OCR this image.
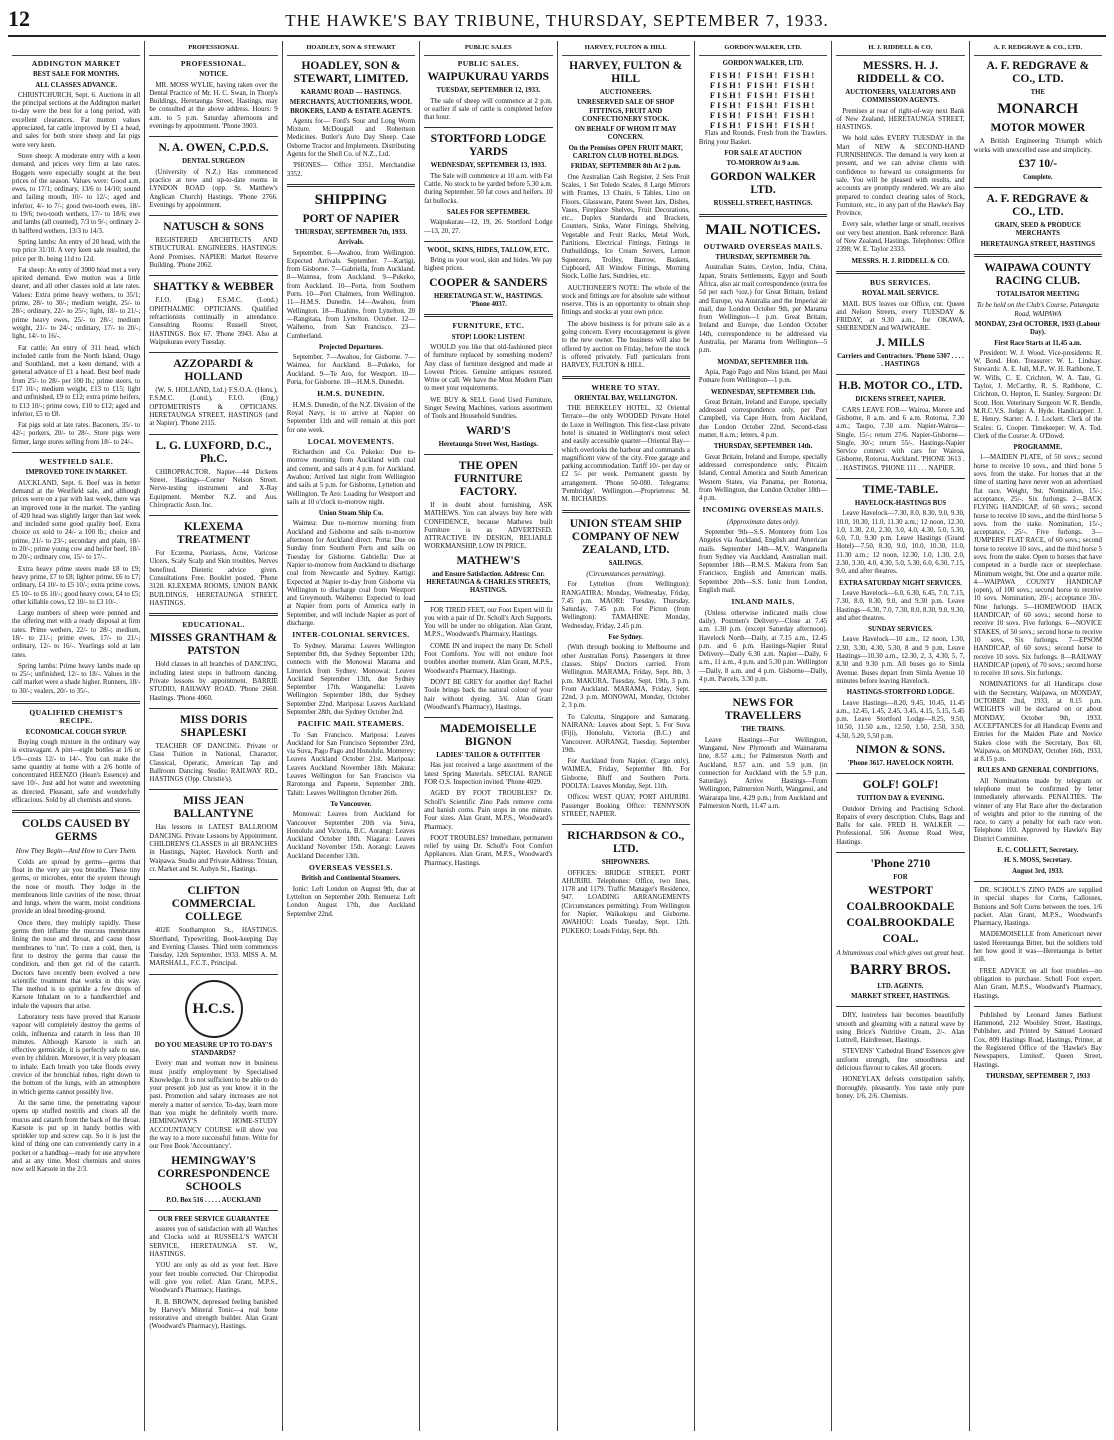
12	THE HAWKE'S BAY TRIBUNE, THURSDAY, SEPTEMBER 7, 1933.
ADDINGTON MARKET
BEST SALE FOR MONTHS.
ALL CLASSES ADVANCE.

CHRISTCHURCH, Sept. 6. Auctions in all the principal sections at the Addington market to-day were the best for a long period, with excellent clearances. Fat mutton values appreciated, fat cattle improved by £1 a head, and sales for both store sheep and fat pigs were very keen.

Store sheep: A moderate entry with a keen demand, and prices very firm at late rates. Hoggets were especially sought at the best prices of the season. Values were: Good a.m. ewes, to 17/1; ordinary, 13/6 to 14/10; sound and failing mouth, 10/- to 12/-; aged and inferior, 4/- to 7/-; good two-tooth ewes, 18/- to 19/6; two-tooth wethers, 17/- to 18/6; ewe and lambs (all counted), 7/3 to 9/-; ordinary 2-th halfbred wethers, 13/3 to 14/3.

Spring lambs: An entry of 20 head, with the top price 31/10. A very keen sale resulted, the price per lb. being 11d to 12d.

Fat sheep: An entry of 3900 head met a very spirited demand. Ewe mutton was a little dearer, and all other classes sold at late rates. Values: Extra prime heavy wethers, to 35/1; prime, 28/- to 30/-; medium weight, 25/- to 28/-; ordinary, 22/- to 25/-; light, 18/- to 21/-; prime heavy ewes, 25/- to 28/-; medium weight, 21/- to 24/-; ordinary, 17/- to 20/-; light, 14/- to 16/-.

Fat cattle: An entry of 311 head, which included cattle from the North Island, Otago and Southland, met a keen demand, with a general advance of £1 a head. Best beef made from 25/- to 28/- per 100 lb.; prime steers, to £17 10/-; medium weight, £13 to £15; light and unfinished, £9 to £12; extra prime heifers, to £13 10/-; prime cows, £10 to £12; aged and inferior, £5 to £8.

Fat pigs sold at late rates. Baconers, 35/- to 42/-; porkers, 20/- to 28/-. Store pigs were firmer, large stores selling from 18/- to 24/-.

WESTFIELD SALE.
IMPROVED TONE IN MARKET.

AUCKLAND, Sept. 6. Beef was in better demand at the Westfield sale, and although prices were on a par with last week, there was an improved tone in the market. The yarding of 420 head was slightly larger than last week and included some good quality beef. Extra choice ox sold to 24/- a 100 lb.; choice and prime, 21/- to 23/-; secondary and plain, 18/- to 20/-; prime young cow and heifer beef, 18/- to 20/-; ordinary cow, 15/- to 17/-.

Extra heavy prime steers made £8 to £9; heavy prime, £7 to £8; lighter prime, £6 to £7; ordinary, £4 10/- to £5 10/-; extra prime cows, £5 10/- to £6 10/-; good heavy cows, £4 to £5; other killable cows, £2 10/- to £3 10/-.

Large numbers of sheep were penned and the offering met with a ready disposal at firm rates. Prime wethers, 22/- to 28/-; medium, 18/- to 21/-; prime ewes, 17/- to 21/-; ordinary, 12/- to 16/-. Yearlings sold at late rates.

Spring lambs: Prime heavy lambs made up to 25/-; unfinished, 12/- to 18/-. Values in the calf market were a shade higher. Runners, 18/- to 30/-; vealers, 20/- to 35/-.

QUALIFIED CHEMIST'S RECIPE.
ECONOMICAL COUGH SYRUP.

Buying cough mixture in the ordinary way is extravagant. A pint—eight bottles at 1/6 or 1/9—costs 12/- to 14/-. You can make the same quantity at home with a 2/6 bottle of concentrated HEENZO (Hean's Essence) and save 10/-. Just add hot water and sweetening as directed. Pleasant, safe and wonderfully efficacious. Sold by all chemists and stores.

COLDS CAUSED BY GERMS
How They Begin—And How to Cure Them.

Colds are spread by germs—germs that float in the very air you breathe. These tiny germs, or microbes, enter the system through the nose or mouth. They lodge in the membranous little cavities of the nose, throat and lungs, where the warm, moist conditions provide an ideal breeding-ground.

Once there, they multiply rapidly. These germs then inflame the mucous membranes lining the nose and throat, and cause those membranes to 'run'. To cure a cold, then, is first to destroy the germs that cause the condition, and then get rid of the catarrh. Doctors have recently been evolved a new scientific treatment that works in this way. The method is to sprinkle a few drops of Karsote Inhalant on to a handkerchief and inhale the vapours that arise.

Laboratory tests have proved that Karsote vapour will completely destroy the germs of colds, influenza and catarrh in less than 10 minutes. Although Karsote is such an effective germicide, it is perfectly safe to use, even by children. Moreover, it is very pleasant to inhale. Each breath you take floods every crevice of the bronchial tubes, right down to the bottom of the lungs, with an atmosphere in which germs cannot possibly live.

At the same time, the penetrating vapour opens up stuffed nostrils and clears all the mucus and catarrh from the back of the throat. Karsote is put up in handy bottles with sprinkler top and screw cap. So it is just the kind of thing one can conveniently carry in a pocket or a handbag—ready for use anywhere and at any time. Most chemists and stores now sell Karsote in the 2/3.

PROFESSIONAL
PROFESSIONAL.
NOTICE.

MR. MOSS WYLIE, having taken over the Dental Practice of Mr. H. C. Swan, in Thorp's Buildings, Heretaunga Street, Hastings, may be consulted at the above address. Hours: 9 a.m. to 5 p.m. Saturday afternoons and evenings by appointment. 'Phone 3903.

N. A. OWEN, C.P.D.S.
DENTAL SURGEON

(University of N.Z.) Has commenced practice at new and up-to-date rooms in LYNDON ROAD (opp. St. Matthew's Anglican Church) Hastings. 'Phone 2766. Evenings by appointment.

NATUSCH & SONS

REGISTERED ARCHITECTS AND STRUCTURAL ENGINEERS. HASTINGS: Aoné Premises. NAPIER: Market Reserve Building. 'Phone 2062.

SHATTKY & WEBBER

F.I.O. (Eng.) F.S.M.C. (Lond.) OPHTHALMIC OPTICIANS. Qualified refractionists continually in attendance. Consulting Rooms: Russell Street, HASTINGS. Box 67. 'Phone 3943. Also at Waipukurau every Tuesday.

AZZOPARDI & HOLLAND

(W. S. HOLLAND, Ltd.) F.S.O.A. (Hons.), F.S.M.C. (Lond.), F.I.O. (Eng.) OPTOMETRISTS & OPTICIANS. HERETAUNGA STREET, HASTINGS (and at Napier). 'Phone 2115.

L. G. LUXFORD, D.C., Ph.C.

CHIROPRACTOR. Napier—44 Dickens Street. Hastings—Corner Nelson Street. Nerve-testing instrument and X-Ray Equipment. Member N.Z. and Aus. Chiropractic Assn. Inc.

KLEXEMA TREATMENT

For Eczema, Psoriasis, Acne, Varicose Ulcers, Scaly Scalp and Skin troubles. Nerves benefited. Dietetic advice given. Consultations Free. Booklet posted. 'Phone 3128. KLEXEMA ROOMS, UNION BANK BUILDINGS, HERETAUNGA STREET, HASTINGS.

EDUCATIONAL.
MISSES GRANTHAM & PATSTON

Hold classes in all branches of DANCING, including latest steps in ballroom dancing. Private lessons by appointment. BARRIE STUDIO, RAILWAY ROAD. 'Phone 2668. Hastings. 'Phone 4060.

MISS DORIS SHAPLESKI

TEACHER OF DANCING. Private or Class Tuition in National, Character, Classical, Operatic, American Tap and Ballroom Dancing. Studio: RAILWAY RD., HASTINGS (Opp. Christie's).

MISS JEAN BALLANTYNE

Has lessons in LATEST BALLROOM DANCING. Private Lessons by Appointment. CHILDREN'S CLASSES in all BRANCHES in Hastings, Napier, Havelock North and Waipawa. Studio and Private Address: Tristan, cr. Market and St. Aubyn St., Hastings.

CLIFTON COMMERCIAL COLLEGE

402E Southampton St., HASTINGS. Shorthand, Typewriting, Book-keeping Day and Evening Classes. Third term commences Tuesday, 12th September, 1933. MISS A. M. MARSHALL, F.C.T., Principal.

H.C.S.
DO YOU MEASURE UP TO TO-DAY'S STANDARDS?

Every man and woman now in business must justify employment by Specialised Knowledge. It is not sufficient to be able to do your present job just as you know it in the past. Promotion and salary increases are not merely a matter of service. To-day, learn more than you might be definitely worth more. HEMINGWAY'S HOME-STUDY ACCOUNTANCY COURSE will show you the way to a more successful future. Write for our Free Book 'Accountancy'.

HEMINGWAY'S CORRESPONDENCE SCHOOLS
P.O. Box 516 . . . . . AUCKLAND
OUR FREE SERVICE GUARANTEE

assures you of satisfaction with all Watches and Clocks sold at RUSSELL'S WATCH SERVICE, HERETAUNGA ST. W., HASTINGS.

YOU are only as old as your feet. Have your feet trouble corrected. Our Chiropodist will give you relief. Alan Grant, M.P.S., Woodward's Pharmacy, Hastings.

R. B. BROWN, depressed feeling banished by Harvey's Mineral Tonic—a real bone restorative and strength builder. Alan Grant (Woodward's Pharmacy), Hastings.

HOADLEY, SON & STEWART
HOADLEY, SON & STEWART, LIMITED.
KARAMU ROAD — HASTINGS.
MERCHANTS, AUCTIONEERS, WOOL BROKERS, LAND & ESTATE AGENTS.

Agents for— Ford's Sour and Long Worm Mixture. McDougall and Robertson Medicines. Butler's Auto Day Sheep. Case Osborne Tractor and Implements. Distributing Agents for the Shell Co. of N.Z., Ltd.

'PHONES— Office 3351. Merchandise 3352.

SHIPPING
PORT OF NAPIER
THURSDAY, SEPTEMBER 7th, 1933.
Arrivals.

September. 6—Awahou, from Wellington. Expected Arrivals. September. 7—Kartigi, from Gisborne. 7—Gabriella, from Auckland. 8—Waimea, from Auckland. 9—Pukeko, from Auckland. 10—Porta, from Southern Ports. 10—Port Chalmers, from Wellington. 11—H.M.S. Dunedin. 14—Awahou, from Wellington. 18—Ruahine, from Lyttelton. 20—Rangitata, from Lyttelton. October. 12—Waihemo, from San Francisco. 23—Cumberland.

Projected Departures.

September. 7—Awahou, for Gisborne. 7—Waimea, for Auckland. 8—Pukeko, for Auckland. 9—Te Aro, for Westport. 10—Porta, for Gisborne. 18—H.M.S. Dunedin.

H.M.S. DUNEDIN.

H.M.S. Dunedin, of the N.Z. Division of the Royal Navy, is to arrive at Napier on September 11th and will remain at this port for one week.

LOCAL MOVEMENTS.

Richardson and Co. Pukeko: Due to-morrow morning from Auckland with coal and cement, and sails at 4 p.m. for Auckland. Awahou: Arrived last night from Wellington and sails at 5 p.m. for Gisborne, Lyttelton and Wellington. Te Aro: Loading for Westport and sails at 10 o'clock to-morrow night.

Union Steam Ship Co.

Waimea: Due to-morrow morning from Auckland and Gisborne and sails to-morrow afternoon for Auckland direct. Porta: Due on Sunday from Southern Ports and sails on Tuesday for Gisborne. Gabriella: Due at Napier to-morrow from Auckland to discharge coal from Newcastle and Sydney. Kartigi: Expected at Napier to-day from Gisborne via Wellington to discharge coal from Westport and Greymouth. Waihemo: Expected to load at Napier from ports of America early in September, and will include Napier as port of discharge.

INTER-COLONIAL SERVICES.

To Sydney. Marama: Leaves Wellington September 8th, due Sydney September 12th; connects with the Monowai Marama and Limerick from Sydney. Monowai: Leaves Auckland September 13th, due Sydney September 17th. Wanganella: Leaves Wellington September 18th, due Sydney September 22nd. Mariposa: Leaves Auckland September 28th, due Sydney October 2nd.

PACIFIC MAIL STEAMERS.

To San Francisco. Mariposa: Leaves Auckland for San Francisco September 23rd, via Suva, Pago Pago and Honolulu. Monterey: Leaves Auckland October 21st. Mariposa: Leaves Auckland November 18th. Makura: Leaves Wellington for San Francisco via Rarotonga and Papeete, September 28th. Tahiti: Leaves Wellington October 26th.

To Vancouver.

Monowai: Leaves from Auckland for Vancouver September 20th via Suva, Honolulu and Victoria, B.C. Aorangi: Leaves Auckland October 18th. Niagara: Leaves Auckland November 15th. Aorangi: Leaves Auckland December 13th.

OVERSEAS VESSELS.
British and Continental Steamers.

Ionic: Left London on August 9th, due at Lyttelton on September 20th. Remuera: Left London August 17th, due Auckland September 22nd.

PUBLIC SALES
PUBLIC SALES.
WAIPUKURAU YARDS
TUESDAY, SEPTEMBER 12, 1933.

The sale of sheep will commence at 2 p.m. or earlier if sale of cattle is completed before that hour.

STORTFORD LODGE YARDS
WEDNESDAY, SEPTEMBER 13, 1933.

The Sale will commence at 10 a.m. with Fat Cattle. No stock to be yarded before 5.30 a.m. during September. 50 fat cows and heifers. 10 fat bullocks.

SALES FOR SEPTEMBER.

Waipukurau—12, 19, 26. Stortford Lodge—13, 20, 27.

WOOL, SKINS, HIDES, TALLOW, ETC.

Bring us your wool, skin and hides. We pay highest prices.

COOPER & SANDERS
HERETAUNGA ST. W., HASTINGS. 'Phone 4037.
FURNITURE, ETC.
STOP! LOOK! LISTEN!

WOULD you like that old-fashioned piece of furniture replaced by something modern? Any class of furniture designed and made at Lowest Prices. Genuine antiques restored. Write or call. We have the Most Modern Plant to meet your requirements.

WE BUY & SELL Good Used Furniture, Singer Sewing Machines, various assortment of Tools and Household Sundries.

WARD'S
Heretaunga Street West, Hastings.
THE OPEN FURNITURE FACTORY.

If in doubt about furnishing, ASK MATHEWS. You can always buy here with CONFIDENCE, because Mathews built Furniture is as ADVERTISED. ATTRACTIVE IN DESIGN, RELIABLE WORKMANSHIP, LOW IN PRICE.

MATHEW'S
and Ensure Satisfaction. Address: Cnr. HERETAUNGA & CHARLES STREETS, HASTINGS.

FOR TIRED FEET, our Foot Expert will fit you with a pair of Dr. Scholl's Arch Supports. You will be under no obligation. Alan Grant, M.P.S., Woodward's Pharmacy, Hastings.

COME IN and inspect the many Dr. Scholl Foot Comforts. You will not endure foot troubles another moment. Alan Grant, M.P.S., Woodward's Pharmacy, Hastings.

DON'T BE GREY for another day! Rachel Toole brings back the natural colour of your hair without dyeing. 3/6. Alan Grant (Woodward's Pharmacy), Hastings.

MADEMOISELLE BIGNON
LADIES' TAILOR & OUTFITTER

Has just received a large assortment of the latest Spring Materials. SPECIAL RANGE FOR O.S. Inspection invited. 'Phone 4029.

AGED BY FOOT TROUBLES? Dr. Scholl's Scientific Zino Pads remove corns and banish corns. Pain stops in one minute. Four sizes. Alan Grant, M.P.S., Woodward's Pharmacy.

FOOT TROUBLES? Immediate, permanent relief by using Dr. Scholl's Foot Comfort Appliances. Alan Grant, M.P.S., Woodward's Pharmacy, Hastings.

HARVEY, FULTON & HILL
HARVEY, FULTON & HILL
AUCTIONEERS.
UNRESERVED SALE OF SHOP FITTINGS, FRUIT AND CONFECTIONERY STOCK.
ON BEHALF OF WHOM IT MAY CONCERN.
On the Premises OPEN FRUIT MART, CARLTON CLUB HOTEL BLDGS.
FRIDAY, SEPTEMBER 8th At 2 p.m.

One Australian Cash Register, 2 Sets Fruit Scales, 1 Set Toledo Scales, 8 Large Mirrors with Frames, 13 Chairs, 6 Tables, Lino on Floors, Glassware, Patent Sweet Jars, Dishes, Vases, Fireplace Shelves, Fruit Decorations, etc., Duplex Standards and Brackets, Counters, Sinks, Water Fittings, Shelving, Vegetable and Fruit Racks, Metal Work, Partitions, Electrical Fittings, Fittings in Outbuildings, Ice Cream Servers, Lemon Squeezers, Trolley, Barrow, Baskets, Cupboard, All Window Fittings, Morning Stock, Lollie Jars, Sundries, etc.

AUCTIONEER'S NOTE: The whole of the stock and fittings are for absolute sale without reserve. This is an opportunity to obtain shop fittings and stocks at your own price.

The above business is for private sale as a going concern. Every encouragement is given to the new owner. The business will also be offered by auction on Friday, before the stock is offered privately. Full particulars from HARVEY, FULTON & HILL.

WHERE TO STAY.
ORIENTAL BAY, WELLINGTON.

THE BERKELEY HOTEL, 32 Oriental Terrace—the only WOODED Private Hotel de Luxe in Wellington. This first-class private hotel is situated in Wellington's most select and easily accessible quarter—Oriental Bay—which overlooks the harbour and commands a magnificent view of the city. Free garage and parking accommodation. Tariff 10/- per day or £2 5/- per week. Permanent guests by arrangement. 'Phone 50-080. Telegrams: 'Pembridge'. Wellington.—Proprietress: M. M. RICHARDS.

UNION STEAM SHIP COMPANY OF NEW ZEALAND, LTD.
SAILINGS.
(Circumstances permitting).

For Lyttelton (from Wellington): RANGATIRA: Monday, Wednesday, Friday, 7.45 p.m. MAORI: Tuesday, Thursday, Saturday, 7.45 p.m. For Picton (from Wellington): TAMAHINE: Monday, Wednesday, Friday, 2.45 p.m.

For Sydney.

(With through booking to Melbourne and other Australian Ports). Passengers in three classes. Ships' Doctors carried. From Wellington. MARAMA, Friday, Sept. 8th, 3 p.m. MAKURA, Tuesday, Sept. 19th, 3 p.m. From Auckland. MARAMA, Friday, Sept. 22nd, 3 p.m. MONOWAI, Monday, October 2, 3 p.m.

To Calcutta, Singapore and Samarang. NAIRANA: Leaves about Sept. 5. For Suva (Fiji), Honolulu, Victoria (B.C.) and Vancouver. AORANGI, Tuesday, September 19th.

For Auckland from Napier. (Cargo only). WAIMEA, Friday, September 8th. For Gisborne, Bluff and Southern Ports. POOLTA: Leaves Monday, Sept. 11th.

Offices: WEST QUAY, PORT AHURIRI. Passenger Booking Office: TENNYSON STREET, NAPIER.

RICHARDSON & CO., LTD.
SHIPOWNERS.

OFFICES: BRIDGE STREET, PORT AHURIRI. Telephones: Office, two lines, 1178 and 1179. Traffic Manager's Residence, 947. LOADING ARRANGEMENTS (Circumstances permitting). From Wellington for Napier, Waikokopu and Gisborne. AWAHOU: Loads Tuesday, Sept. 12th. PUKEKO: Loads Friday, Sept. 8th.

GORDON WALKER, LTD.
GORDON WALKER, LTD.
FISH! FISH! FISH!
FISH! FISH! FISH!
FISH! FISH! FISH!
FISH! FISH! FISH!
FISH! FISH! FISH!
FISH! FISH! FISH!

Flats and Rounds. Fresh from the Trawlers. Bring your Basket.

FOR SALE AT AUCTION
TO-MORROW At 9 a.m.
GORDON WALKER LTD.
RUSSELL STREET, HASTINGS.
MAIL NOTICES.
OUTWARD OVERSEAS MAILS.
THURSDAY, SEPTEMBER 7th.

Australian States, Ceylon, India, China, Japan, Straits Settlements, Egypt and South Africa, also air mail correspondence (extra fee 5d per each ½oz.) for Great Britain, Ireland and Europe, via Australia and the Imperial air mail, due London October 9th, per Marama from Wellington—1 p.m. Great Britain, Ireland and Europe, due London October 14th, correspondence to be addressed via Australia, per Marama from Wellington—5 p.m.

MONDAY, SEPTEMBER 11th.

Apia, Pago Pago and Nios Island, per Maui Pomare from Wellington—1 p.m.

WEDNESDAY, SEPTEMBER 13th.

Great Britain, Ireland and Europe, specially addressed correspondence only, per Port Campbell, via Cape Horn, from Auckland, due London October 22nd. Second-class matter, 8 a.m.; letters, 4 p.m.

THURSDAY, SEPTEMBER 14th.

Great Britain, Ireland and Europe, specially addressed correspondence only, Pitcairn Island, Central America and South American Western States, via Panama, per Rotorua, from Wellington, due London October 18th—4 p.m.

INCOMING OVERSEAS MAILS.
(Approximate dates only).

September 9th—S.S. Monterey from Los Angeles via Auckland, English and American mails. September 14th—M.V. Wanganella from Sydney via Auckland, Australian mail. September 18th—R.M.S. Makura from San Francisco, English and American mails. September 20th—S.S. Ionic from London, English mail.

INLAND MAILS.

(Unless otherwise indicated mails close daily). Postmen's Delivery—Close at 7.45 a.m. 1.30 p.m. (except Saturday afternoon). Havelock North—Daily, at 7.15 a.m., 12.45 p.m. and 6 p.m. Hastings-Napier Rural Delivery—Daily 6.30 a.m. Napier—Daily, 6 a.m., 11 a.m., 4 p.m. and 5.30 p.m. Wellington—Daily, 8 a.m. and 4 p.m. Gisborne—Daily, 4 p.m. Parcels, 3.30 p.m.

NEWS FOR TRAVELLERS
THE TRAINS.

Leave Hastings—For Wellington, Wanganui, New Plymouth and Waimarama line, 8.57 a.m.; for Palmerston North and Auckland, 8.57 a.m. and 5.9 p.m. (in connection for Auckland with the 5.9 p.m. Saturday). Arrive Hastings—From Wellington, Palmerston North, Wanganui, and Wairarapa line, 4.29 p.m.; from Auckland and Palmerston North, 11.47 a.m.

H. J. RIDDELL & CO.
MESSRS. H. J. RIDDELL & CO.
AUCTIONEERS, VALUATORS AND COMMISSION AGENTS.

Premises at rear of right-of-way next Bank of New Zealand, HERETAUNGA STREET, HASTINGS.

We hold sales EVERY TUESDAY in the Mart of NEW & SECOND-HAND FURNISHINGS. The demand is very keen at present, and we can advise clients with confidence to forward us consignments for sale. You will be pleased with results, and accounts are promptly rendered. We are also prepared to conduct clearing sales of Stock, Furniture, etc., in any part of the Hawke's Bay Province.

Every sale, whether large or small, receives our very best attention. Bank reference: Bank of New Zealand, Hastings. Telephones: Office 2398; W. E. Taylor 2333.

MESSRS. H. J. RIDDELL & CO.
BUS SERVICES.
ROYAL MAIL SERVICE.

MAIL BUS leaves our Office, cnr. Queen and Nelson Streets, every TUESDAY & FRIDAY, at 9.30 a.m., for OKAWA, SHERENDEN and WAIWHARE.

J. MILLS
Carriers and Contractors. 'Phone 5307 . . . . . HASTINGS
H.B. MOTOR CO., LTD.
DICKENS STREET, NAPIER.

CARS LEAVE FOR— Wairoa, Morere and Gisborne, 8 a.m. and 6 a.m. Rotorua, 7.30 a.m.; Taupo, 7.30 a.m. Napier-Wairoa—Single, 15/-; return 27/6. Napier-Gisborne—Single, 30/-; return 55/-. Hastings-Napier Service connect with cars for Wairoa, Gisborne, Rotorua, Auckland. 'PHONE 3613 . . . HASTINGS. 'PHONE 111 . . . NAPIER.

TIME-TABLE.
HAVELOCK-HASTINGS BUS

Leave Havelock—7.30, 8.0, 8.30, 9.0, 9.30, 10.0, 10.30, 11.0, 11.30 a.m.; 12 noon, 12.30, 1.0, 1.30, 2.0, 2.30, 3.0, 4.0, 4.30, 5.0, 5.30, 6.0, 7.0, 9.30 p.m. Leave Hastings (Grand Hotel)—7.50, 8.30, 9.0, 10.0, 10.30, 11.0, 11.30 a.m.; 12 noon, 12.30, 1.0, 1.30, 2.0, 2.30, 3.30, 4.0, 4.30, 5.0, 5.30, 6.0, 6.30, 7.15, 9.0, and after theatres.

EXTRA SATURDAY NIGHT SERVICES.

Leave Havelock—6.0, 6.30, 6.45, 7.0, 7.15, 7.30, 8.0, 8.30, 9.0, and 9.30 p.m. Leave Hastings—6.30, 7.0, 7.30, 8.0, 8.30, 9.0, 9.30, and after theatres.

SUNDAY SERVICES.

Leave Havelock—10 a.m., 12 noon, 1.30, 2.30, 3.30, 4.30, 5.30, 8 and 9 p.m. Leave Hastings—10.30 a.m., 12.30, 2, 3, 4.30, 5, 7, 8.30 and 9.30 p.m. All buses go to Simla Avenue. Buses depart from Simla Avenue 10 minutes before leaving Havelock.

HASTINGS-STORTFORD LODGE.

Leave Hastings—8.20, 9.45, 10.45, 11.45 a.m., 12.45, 1.45, 2.45, 3.45, 4.15, 5.15, 5.45 p.m. Leave Stortford Lodge—8.25, 9.50, 10.50, 11.50 a.m., 12.50, 1.50, 2.50, 3.50, 4.50, 5.20, 5.50 p.m.

NIMON & SONS.
'Phone 3617. HAVELOCK NORTH.
GOLF! GOLF!
TUITION DAY & EVENING.

Outdoor Driving and Practising School. Repairs of every description. Clubs, Bags and Balls for sale. FRED H. WALKER — Professional. 506 Avenue Road West, Hastings.

'Phone 2710
FOR
WESTPORT
COALBROOKDALE
COALBROOKDALE
COAL.
A bituminous coal which gives out great heat.
BARRY BROS.
LTD. AGENTS.
MARKET STREET, HASTINGS.

DRY, lustreless hair becomes beautifully smooth and gleaming with a natural wave by using Brice's Nutritive Cream, 2/-. Alan Luttrell, Hairdresser, Hastings.

STEVENS' 'Cathedral Brand' Essences give uniform strength, fine smoothness and delicious flavour to cakes. All grocers.

HONEYLAX defeats constipation safely, thoroughly, pleasantly. You taste only pure honey. 1/6, 2/6. Chemists.

A. F. REDGRAVE & CO., LTD.
A. F. REDGRAVE & CO., LTD.
THE
MONARCH
MOTOR MOWER

A British Engineering Triumph which works with unexcelled ease and simplicity.

£37 10/-
Complete.
A. F. REDGRAVE & CO., LTD.
GRAIN, SEED & PRODUCE MERCHANTS
HERETAUNGA STREET, HASTINGS
WAIPAWA COUNTY RACING CLUB.
TOTALISATOR MEETING
To be held on the Club's Course, Patangata Road, WAIPAWA
MONDAY, 23rd OCTOBER, 1933 (Labour Day).
First Race Starts at 11.45 a.m.

President: W. J. Wood. Vice-presidents: R. W. Bond. Hon. Treasurer: W. L. Lindsay. Stewards: A. E. Jull, M.P., W. H. Rathbone, T. W. Wills, C. E. Crichton, W. A. Tate, G. Taylor, J. McCarthy, R. S. Rathbone, C. Crichton, O. Hepton, E. Stanley. Surgeon: Dr. Scott. Hon. Veterinary Surgeon: W. R. Bendle, M.R.C.V.S. Judge: A. Hyde. Handicapper: J. E. Henry. Starter: A. J. Lockett. Clerk of the Scales: G. Cooper. Timekeeper: W. A. Tod. Clerk of the Course: A. O'Dowd.

PROGRAMME.

1—MAIDEN PLATE, of 50 sovs.; second horse to receive 10 sovs., and third horse 5 sovs. from the stake. For horses that at the time of starting have never won an advertised flat race. Weight, 9st. Nomination, 15/-; acceptance, 25/-. Six furlongs. 2—BACK FLYING HANDICAP, of 60 sovs.; second horse to receive 10 sovs., and the third horse 5 sovs. from the stake. Nomination, 15/-; acceptance, 25/-. Five furlongs. 3—JUMPERS' FLAT RACE, of 60 sovs.; second horse to receive 10 sovs., and the third horse 5 sovs. from the stake. Open to horses that have competed in a hurdle race or steeplechase. Minimum weight, 9st. One and a quarter mile. 4—WAIPAWA COUNTY HANDICAP (open), of 100 sovs.; second horse to receive 10 sovs. Nomination, 20/-; acceptance 30/-. Nine furlongs. 5—HOMEWOOD HACK HANDICAP, of 60 sovs.; second horse to receive 10 sovs. Five furlongs. 6—NOVICE STAKES, of 50 sovs.; second horse to receive 10 sovs. Six furlongs. 7—EPSOM HANDICAP, of 60 sovs.; second horse to receive 10 sovs. Six furlongs. 8—RAILWAY HANDICAP (open), of 70 sovs.; second horse to receive 10 sovs. Six furlongs.

NOMINATIONS for all Handicaps close with the Secretary, Waipawa, on MONDAY, OCTOBER 2nd, 1933, at 8.15 p.m. WEIGHTS will be declared on or about MONDAY, October 9th, 1933. ACCEPTANCES for all Handicap Events and Entries for the Maiden Plate and Novice Stakes close with the Secretary, Box 60, Waipawa, on MONDAY, October 16th, 1933, at 8.15 p.m.

RULES AND GENERAL CONDITIONS.

All Nominations made by telegram or telephone must be confirmed by letter immediately afterwards. PENALTIES. The winner of any Flat Race after the declaration of weights and prior to the running of the race, to carry a penalty for each race won. Telephone 103. Approved by Hawke's Bay District Committee.

E. C. COLLETT, Secretary.
H. S. MOSS, Secretary.
August 3rd, 1933.

DR. SCHOLL'S ZINO PADS are supplied in special shapes for Corns, Callouses, Bunions and Soft Corns between the toes. 1/6 packet. Alan Grant, M.P.S., Woodward's Pharmacy, Hastings.

MADEMOISELLE from Americourt never tasted Heretaunga Bitter, but the soldiers told her how good it was—Heretaunga is better still.

FREE ADVICE on all foot troubles—no obligation to purchase. Scholl Foot expert. Alan Grant, M.P.S., Woodward's Pharmacy, Hastings.

Published by Leonard James Bathurst Hammond, 212 Woolsley Street, Hastings, Publisher, and Printed by Samuel Leonard Cox, 809 Hastings Road, Hastings, Printer, at the Registered Office of the 'Hawke's Bay Newspapers, Limited', Queen Street, Hastings.

THURSDAY, SEPTEMBER 7, 1933
